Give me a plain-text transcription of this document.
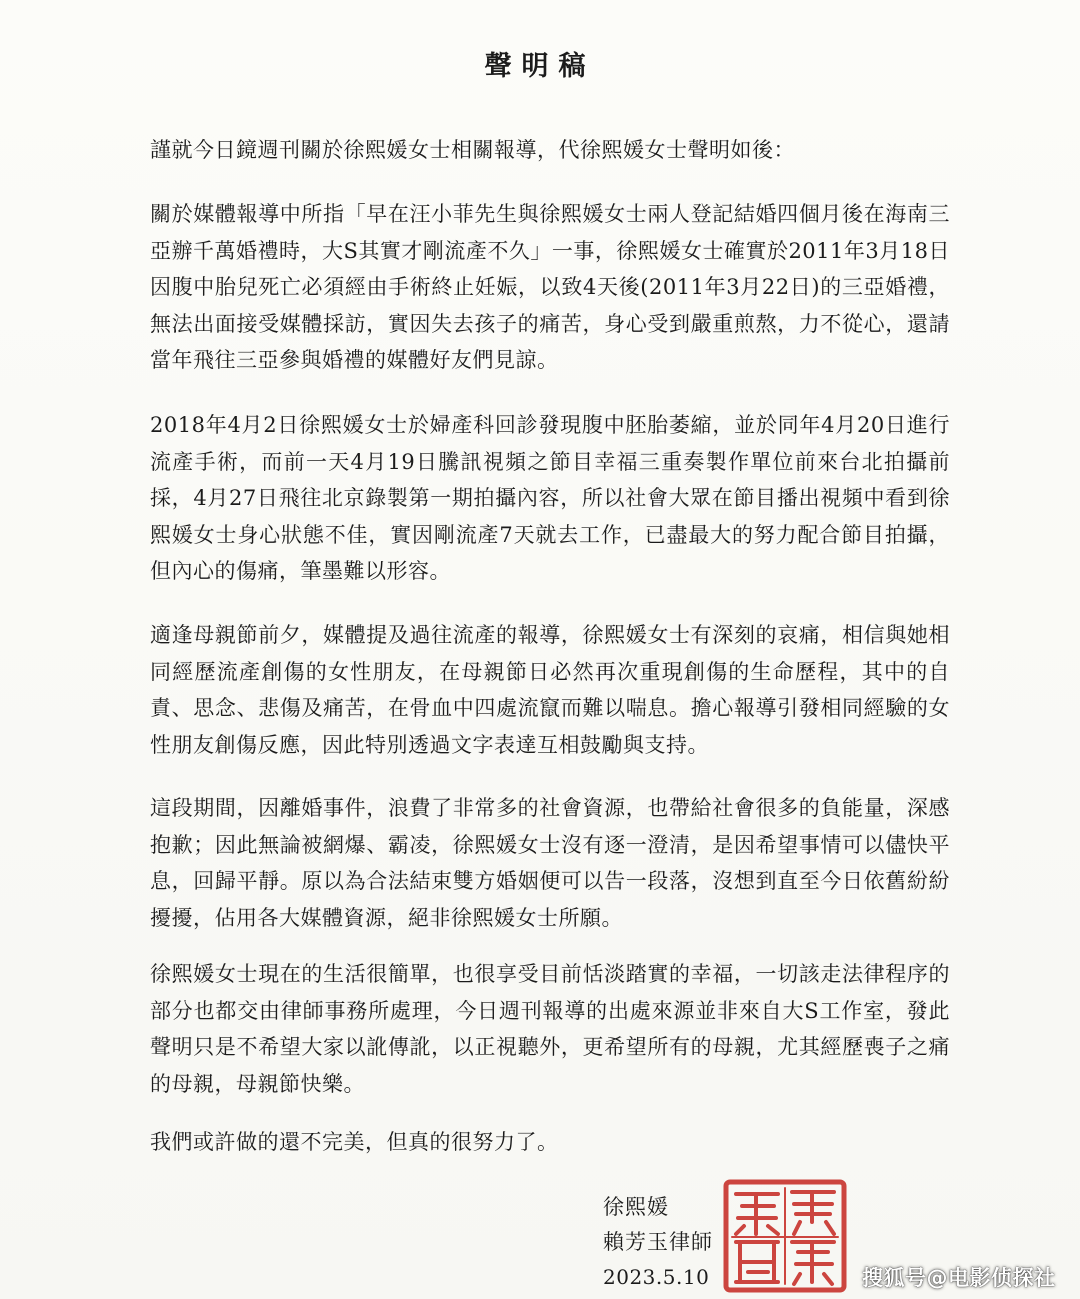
聲明稿

謹就今日鏡週刊關於徐熙媛女士相關報導，代徐熙媛女士聲明如後：

關於媒體報導中所指「早在汪小菲先生與徐熙媛女士兩人登記結婚四個月後在海南三亞辦千萬婚禮時，大S其實才剛流產不久」一事，徐熙媛女士確實於2011年3月18日因腹中胎兒死亡必須經由手術終止妊娠，以致4天後(2011年3月22日)的三亞婚禮，無法出面接受媒體採訪，實因失去孩子的痛苦，身心受到嚴重煎熬，力不從心，還請當年飛往三亞參與婚禮的媒體好友們見諒。

2018年4月2日徐熙媛女士於婦產科回診發現腹中胚胎萎縮，並於同年4月20日進行流產手術，而前一天4月19日騰訊視頻之節目幸福三重奏製作單位前來台北拍攝前採，4月27日飛往北京錄製第一期拍攝內容，所以社會大眾在節目播出視頻中看到徐熙媛女士身心狀態不佳，實因剛流產7天就去工作，已盡最大的努力配合節目拍攝，但內心的傷痛，筆墨難以形容。

適逢母親節前夕，媒體提及過往流產的報導，徐熙媛女士有深刻的哀痛，相信與她相同經歷流產創傷的女性朋友，在母親節日必然再次重現創傷的生命歷程，其中的自責、思念、悲傷及痛苦，在骨血中四處流竄而難以喘息。擔心報導引發相同經驗的女性朋友創傷反應，因此特別透過文字表達互相鼓勵與支持。

這段期間，因離婚事件，浪費了非常多的社會資源，也帶給社會很多的負能量，深感抱歉；因此無論被網爆、霸凌，徐熙媛女士沒有逐一澄清，是因希望事情可以儘快平息，回歸平靜。原以為合法結束雙方婚姻便可以告一段落，沒想到直至今日依舊紛紛擾擾，佔用各大媒體資源，絕非徐熙媛女士所願。

徐熙媛女士現在的生活很簡單，也很享受目前恬淡踏實的幸福，一切該走法律程序的部分也都交由律師事務所處理，今日週刊報導的出處來源並非來自大S工作室，發此聲明只是不希望大家以訛傳訛，以正視聽外，更希望所有的母親，尤其經歷喪子之痛的母親，母親節快樂。

我們或許做的還不完美，但真的很努力了。

徐熙媛
賴芳玉律師
2023.5.10	搜狐号@电影侦探社
